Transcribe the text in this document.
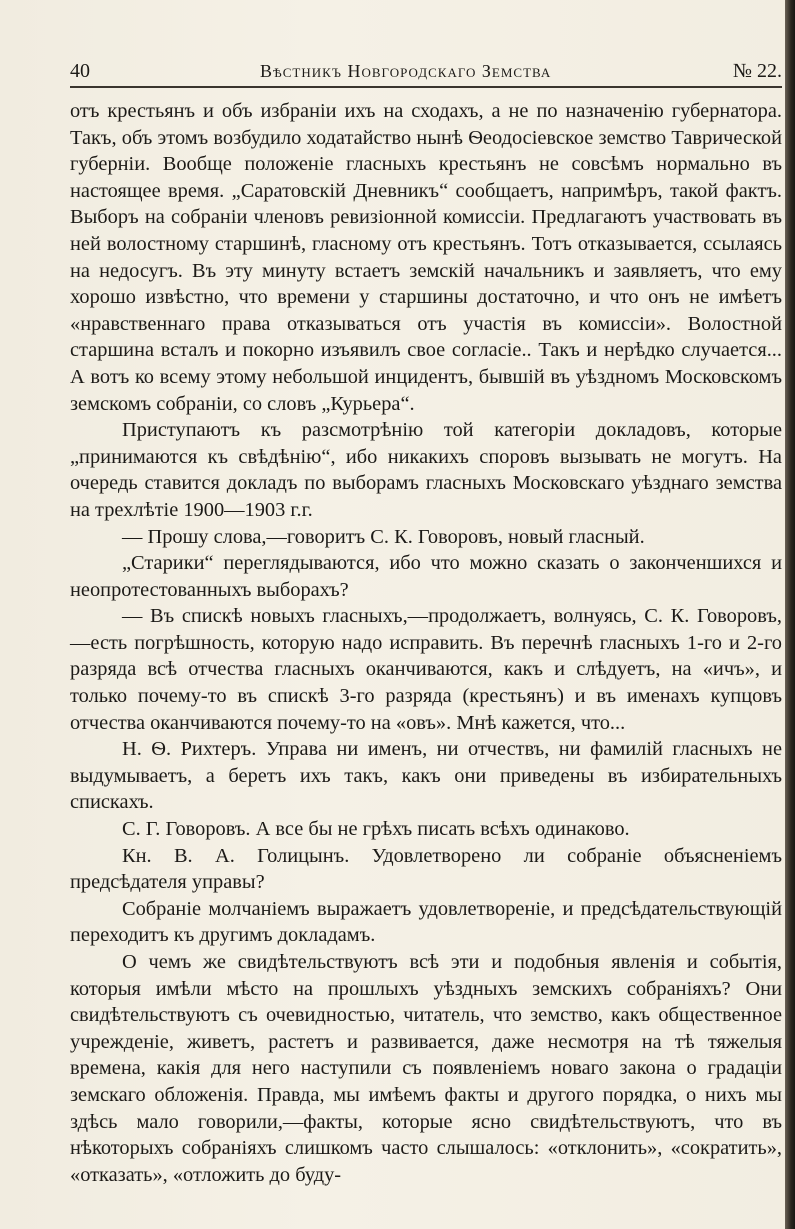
40	Вѣстникъ Новгородскаго Земства	№ 22.

отъ крестьянъ и объ избраніи ихъ на сходахъ, а не по назначенію губернатора. Такъ, объ этомъ возбудило ходатайство нынѣ Ѳеодосіевское земство Таврической губерніи. Вообще положеніе гласныхъ крестьянъ не совсѣмъ нормально въ настоящее время. „Саратовскій Дневникъ“ сообщаетъ, напримѣръ, такой фактъ. Выборъ на собраніи членовъ ревизіонной комиссіи. Предлагаютъ участвовать въ ней волостному старшинѣ, гласному отъ крестьянъ. Тотъ отказывается, ссылаясь на недосугъ. Въ эту минуту встаетъ земскій начальникъ и заявляетъ, что ему хорошо извѣстно, что времени у старшины достаточно, и что онъ не имѣетъ «нравственнаго права отказываться отъ участія въ комиссіи». Волостной старшина всталъ и покорно изъявилъ свое согласіе.. Такъ и нерѣдко случается... А вотъ ко всему этому небольшой инцидентъ, бывшій въ уѣздномъ Московскомъ земскомъ собраніи, со словъ „Курьера“.

Приступаютъ къ разсмотрѣнію той категоріи докладовъ, которые „принимаются къ свѣдѣнію“, ибо никакихъ споровъ вызывать не могутъ. На очередь ставится докладъ по выборамъ гласныхъ Московскаго уѣзднаго земства на трехлѣтіе 1900—1903 г.г.

— Прошу слова,—говоритъ С. К. Говоровъ, новый гласный.

„Старики“ переглядываются, ибо что можно сказать о законченшихся и неопротестованныхъ выборахъ?

— Въ спискѣ новыхъ гласныхъ,—продолжаетъ, волнуясь, С. К. Говоровъ,—есть погрѣшность, которую надо исправить. Въ перечнѣ гласныхъ 1-го и 2-го разряда всѣ отчества гласныхъ оканчиваются, какъ и слѣдуетъ, на «ичъ», и только почему-то въ спискѣ 3-го разряда (крестьянъ) и въ именахъ купцовъ отчества оканчиваются почему-то на «овъ». Мнѣ кажется, что...

Н. Ѳ. Рихтеръ. Управа ни именъ, ни отчествъ, ни фамилій гласныхъ не выдумываетъ, а беретъ ихъ такъ, какъ они приведены въ избирательныхъ спискахъ.

С. Г. Говоровъ. А все бы не грѣхъ писать всѣхъ одинаково.

Кн. В. А. Голицынъ. Удовлетворено ли собраніе объясненіемъ предсѣдателя управы?

Собраніе молчаніемъ выражаетъ удовлетвореніе, и предсѣдательствующій переходитъ къ другимъ докладамъ.

О чемъ же свидѣтельствуютъ всѣ эти и подобныя явленія и событія, которыя имѣли мѣсто на прошлыхъ уѣздныхъ земскихъ собраніяхъ? Они свидѣтельствуютъ съ очевидностью, читатель, что земство, какъ общественное учрежденіе, живетъ, растетъ и развивается, даже несмотря на тѣ тяжелыя времена, какія для него наступили съ появленіемъ новаго закона о градаціи земскаго обложенія. Правда, мы имѣемъ факты и другого порядка, о нихъ мы здѣсь мало говорили,—факты, которые ясно свидѣтельствуютъ, что въ нѣкоторыхъ собраніяхъ слишкомъ часто слышалось: «отклонить», «сократить», «отказать», «отложить до буду-
